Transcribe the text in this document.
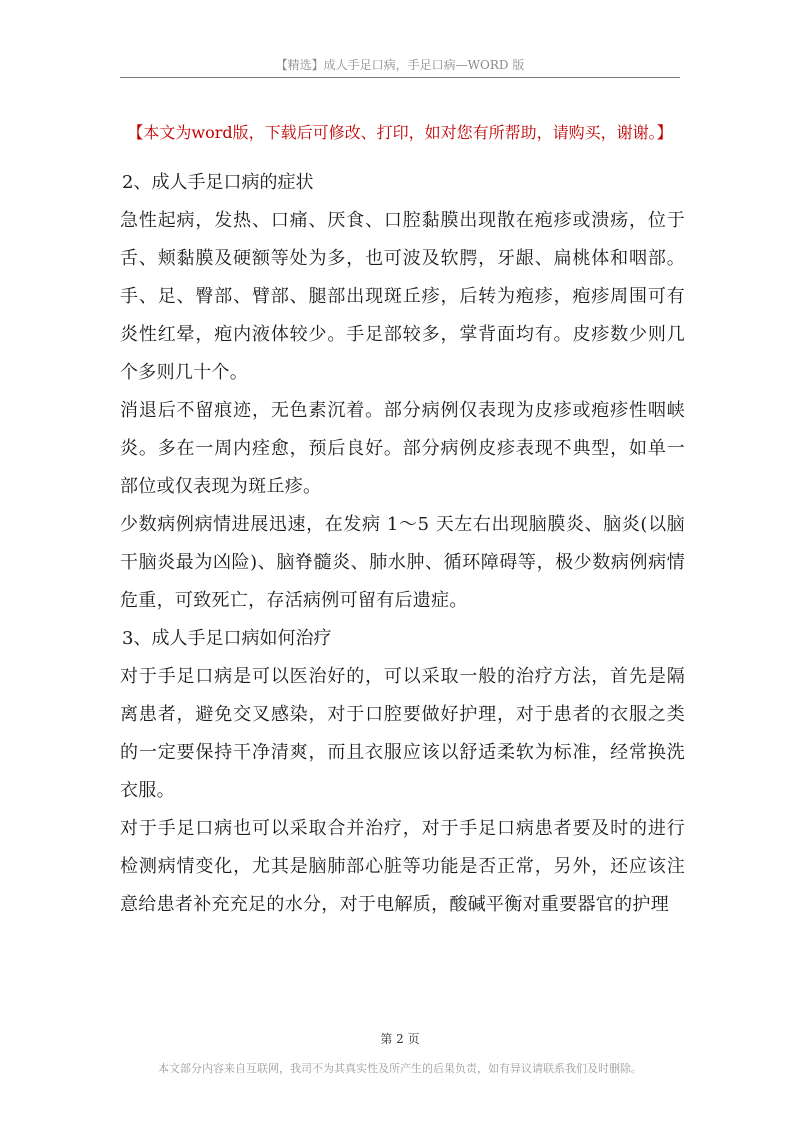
【精选】成人手足口病，手足口病—WORD 版
【本文为word版，下载后可修改、打印，如对您有所帮助，请购买，谢谢。】
2、成人手足口病的症状

急性起病，发热、口痛、厌食、口腔黏膜出现散在疱疹或溃疡，位于舌、颊黏膜及硬额等处为多，也可波及软腭，牙龈、扁桃体和咽部。手、足、臀部、臂部、腿部出现斑丘疹，后转为疱疹，疱疹周围可有炎性红晕，疱内液体较少。手足部较多，掌背面均有。皮疹数少则几个多则几十个。

消退后不留痕迹，无色素沉着。部分病例仅表现为皮疹或疱疹性咽峡炎。多在一周内痊愈，预后良好。部分病例皮疹表现不典型，如单一部位或仅表现为斑丘疹。

少数病例病情进展迅速，在发病 1～5 天左右出现脑膜炎、脑炎(以脑干脑炎最为凶险)、脑脊髓炎、肺水肿、循环障碍等，极少数病例病情危重，可致死亡，存活病例可留有后遗症。

3、成人手足口病如何治疗

对于手足口病是可以医治好的，可以采取一般的治疗方法，首先是隔离患者，避免交叉感染，对于口腔要做好护理，对于患者的衣服之类的一定要保持干净清爽，而且衣服应该以舒适柔软为标准，经常换洗衣服。

对于手足口病也可以采取合并治疗，对于手足口病患者要及时的进行检测病情变化，尤其是脑肺部心脏等功能是否正常，另外，还应该注意给患者补充充足的水分，对于电解质，酸碱平衡对重要器官的护理

第 2 页
本文部分内容来自互联网，我司不为其真实性及所产生的后果负责，如有异议请联系我们及时删除。
